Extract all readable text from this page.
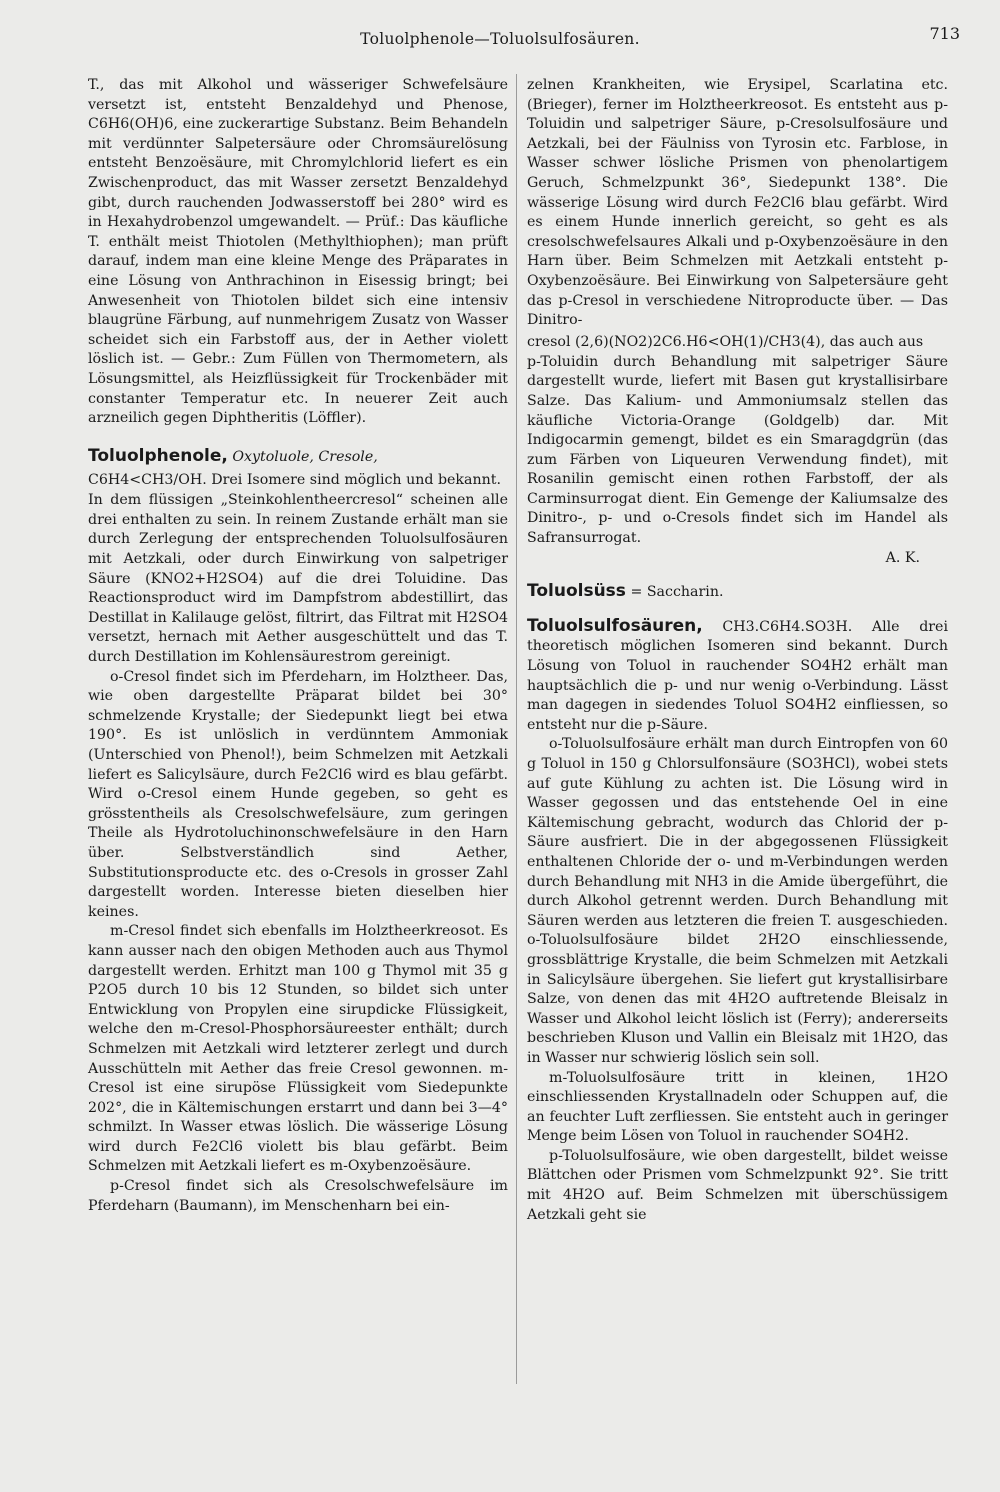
Toluolphenole—Toluolsulfosäuren.	713

T., das mit Alkohol und wässeriger Schwefelsäure versetzt ist, entsteht Benzaldehyd und Phenose, C6H6(OH)6, eine zuckerartige Substanz. Beim Behandeln mit verdünnter Salpetersäure oder Chromsäurelösung entsteht Benzoësäure, mit Chromylchlorid liefert es ein Zwischenproduct, das mit Wasser zersetzt Benzaldehyd gibt, durch rauchenden Jodwasserstoff bei 280° wird es in Hexahydrobenzol umgewandelt. — Prüf.: Das käufliche T. enthält meist Thiotolen (Methylthiophen); man prüft darauf, indem man eine kleine Menge des Präparates in eine Lösung von Anthrachinon in Eisessig bringt; bei Anwesenheit von Thiotolen bildet sich eine intensiv blaugrüne Färbung, auf nunmehrigem Zusatz von Wasser scheidet sich ein Farbstoff aus, der in Aether violett löslich ist. — Gebr.: Zum Füllen von Thermometern, als Lösungsmittel, als Heizflüssigkeit für Trockenbäder mit constanter Temperatur etc. In neuerer Zeit auch arzneilich gegen Diphtheritis (Löffler).

Toluolphenole, Oxytoluole, Cresole,

C6H4<CH3/OH. Drei Isomere sind möglich und bekannt.

In dem flüssigen „Steinkohlentheercresol“ scheinen alle drei enthalten zu sein. In reinem Zustande erhält man sie durch Zerlegung der entsprechenden Toluolsulfosäuren mit Aetzkali, oder durch Einwirkung von salpetriger Säure (KNO2+H2SO4) auf die drei Toluidine. Das Reactionsproduct wird im Dampfstrom abdestillirt, das Destillat in Kalilauge gelöst, filtrirt, das Filtrat mit H2SO4 versetzt, hernach mit Aether ausgeschüttelt und das T. durch Destillation im Kohlensäurestrom gereinigt.

o-Cresol findet sich im Pferdeharn, im Holztheer. Das, wie oben dargestellte Präparat bildet bei 30° schmelzende Krystalle; der Siedepunkt liegt bei etwa 190°. Es ist unlöslich in verdünntem Ammoniak (Unterschied von Phenol!), beim Schmelzen mit Aetzkali liefert es Salicylsäure, durch Fe2Cl6 wird es blau gefärbt. Wird o-Cresol einem Hunde gegeben, so geht es grösstentheils als Cresolschwefelsäure, zum geringen Theile als Hydrotoluchinonschwefelsäure in den Harn über. Selbstverständlich sind Aether, Substitutionsproducte etc. des o-Cresols in grosser Zahl dargestellt worden. Interesse bieten dieselben hier keines.

m-Cresol findet sich ebenfalls im Holztheerkreosot. Es kann ausser nach den obigen Methoden auch aus Thymol dargestellt werden. Erhitzt man 100 g Thymol mit 35 g P2O5 durch 10 bis 12 Stunden, so bildet sich unter Entwicklung von Propylen eine sirupdicke Flüssigkeit, welche den m-Cresol-Phosphorsäureester enthält; durch Schmelzen mit Aetzkali wird letzterer zerlegt und durch Ausschütteln mit Aether das freie Cresol gewonnen. m-Cresol ist eine sirupöse Flüssigkeit vom Siedepunkte 202°, die in Kältemischungen erstarrt und dann bei 3—4° schmilzt. In Wasser etwas löslich. Die wässerige Lösung wird durch Fe2Cl6 violett bis blau gefärbt. Beim Schmelzen mit Aetzkali liefert es m-Oxybenzoësäure.

p-Cresol findet sich als Cresolschwefelsäure im Pferdeharn (Baumann), im Menschenharn bei ein-

zelnen Krankheiten, wie Erysipel, Scarlatina etc. (Brieger), ferner im Holztheerkreosot. Es entsteht aus p-Toluidin und salpetriger Säure, p-Cresolsulfosäure und Aetzkali, bei der Fäulniss von Tyrosin etc. Farblose, in Wasser schwer lösliche Prismen von phenolartigem Geruch, Schmelzpunkt 36°, Siedepunkt 138°. Die wässerige Lösung wird durch Fe2Cl6 blau gefärbt. Wird es einem Hunde innerlich gereicht, so geht es als cresolschwefelsaures Alkali und p-Oxybenzoësäure in den Harn über. Beim Schmelzen mit Aetzkali entsteht p-Oxybenzoësäure. Bei Einwirkung von Salpetersäure geht das p-Cresol in verschiedene Nitroproducte über. — Das Dinitro-

cresol (2,6)(NO2)2C6.H6<OH(1)/CH3(4), das auch aus

p-Toluidin durch Behandlung mit salpetriger Säure dargestellt wurde, liefert mit Basen gut krystallisirbare Salze. Das Kalium- und Ammoniumsalz stellen das käufliche Victoria-Orange (Goldgelb) dar. Mit Indigocarmin gemengt, bildet es ein Smaragdgrün (das zum Färben von Liqueuren Verwendung findet), mit Rosanilin gemischt einen rothen Farbstoff, der als Carminsurrogat dient. Ein Gemenge der Kaliumsalze des Dinitro-, p- und o-Cresols findet sich im Handel als Safransurrogat.

A. K.

Toluolsüss = Saccharin.

Toluolsulfosäuren, CH3.C6H4.SO3H. Alle drei theoretisch möglichen Isomeren sind bekannt. Durch Lösung von Toluol in rauchender SO4H2 erhält man hauptsächlich die p- und nur wenig o-Verbindung. Lässt man dagegen in siedendes Toluol SO4H2 einfliessen, so entsteht nur die p-Säure.

o-Toluolsulfosäure erhält man durch Eintropfen von 60 g Toluol in 150 g Chlorsulfonsäure (SO3HCl), wobei stets auf gute Kühlung zu achten ist. Die Lösung wird in Wasser gegossen und das entstehende Oel in eine Kältemischung gebracht, wodurch das Chlorid der p-Säure ausfriert. Die in der abgegossenen Flüssigkeit enthaltenen Chloride der o- und m-Verbindungen werden durch Behandlung mit NH3 in die Amide übergeführt, die durch Alkohol getrennt werden. Durch Behandlung mit Säuren werden aus letzteren die freien T. ausgeschieden. o-Toluolsulfosäure bildet 2H2O einschliessende, grossblättrige Krystalle, die beim Schmelzen mit Aetzkali in Salicylsäure übergehen. Sie liefert gut krystallisirbare Salze, von denen das mit 4H2O auftretende Bleisalz in Wasser und Alkohol leicht löslich ist (Ferry); andererseits beschrieben Kluson und Vallin ein Bleisalz mit 1H2O, das in Wasser nur schwierig löslich sein soll.

m-Toluolsulfosäure tritt in kleinen, 1H2O einschliessenden Krystallnadeln oder Schuppen auf, die an feuchter Luft zerfliessen. Sie entsteht auch in geringer Menge beim Lösen von Toluol in rauchender SO4H2.

p-Toluolsulfosäure, wie oben dargestellt, bildet weisse Blättchen oder Prismen vom Schmelzpunkt 92°. Sie tritt mit 4H2O auf. Beim Schmelzen mit überschüssigem Aetzkali geht sie
